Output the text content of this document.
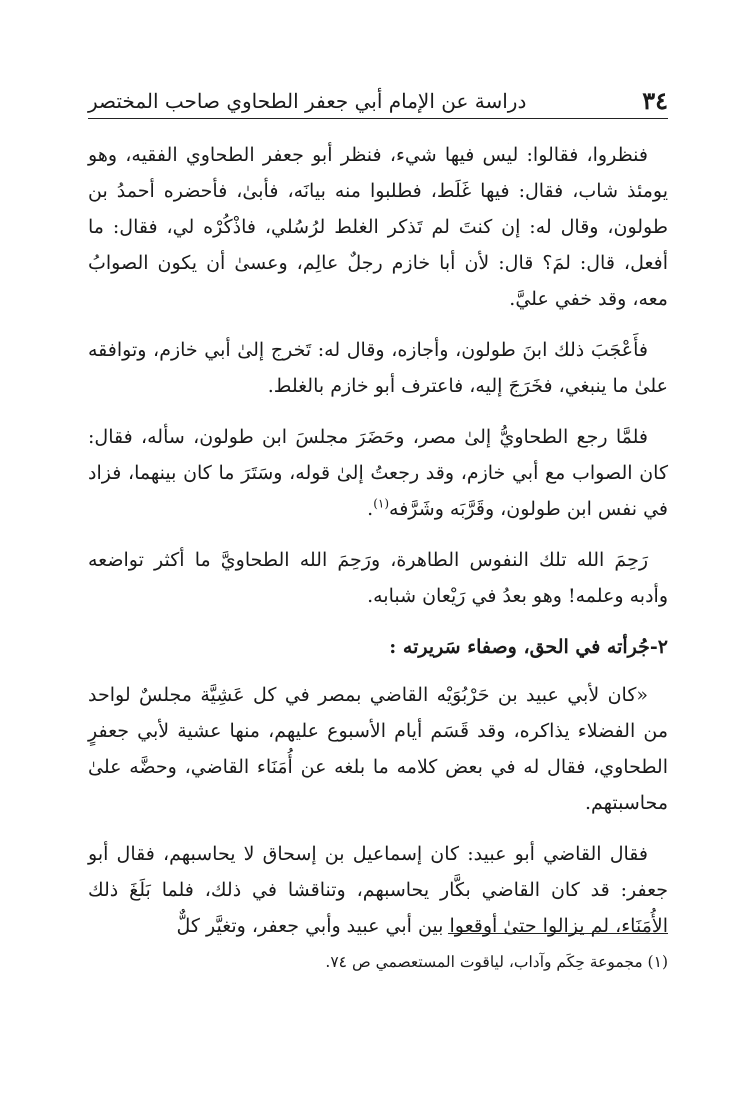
٣٤
دراسة عن الإمام أبي جعفر الطحاوي صاحب المختصر

فنظروا، فقالوا: ليس فيها شيء، فنظر أبو جعفر الطحاوي الفقيه، وهو يومئذ شاب، فقال: فيها غَلَط، فطلبوا منه بيانَه، فأبىٰ، فأحضره أحمدُ بن طولون، وقال له: إن كنتَ لم تَذكر الغلط لرُسُلي، فاذْكُرْه لي، فقال: ما أفعل، قال: لمَ؟ قال: لأن أبا خازم رجلٌ عالِم، وعسىٰ أن يكون الصوابُ معه، وقد خفي عليَّ.

فأَعْجَبَ ذلك ابنَ طولون، وأجازه، وقال له: تَخرج إلىٰ أبي خازم، وتوافقه علىٰ ما ينبغي، فخَرَجَ إليه، فاعترف أبو خازم بالغلط.

فلمَّا رجع الطحاويُّ إلىٰ مصر، وحَضَرَ مجلسَ ابن طولون، سأله، فقال: كان الصواب مع أبي خازم، وقد رجعتُ إلىٰ قوله، وسَتَرَ ما كان بينهما، فزاد في نفس ابن طولون، وقَرَّبَه وشَرَّفه$^{(١)}$.

رَحِمَ الله تلك النفوس الطاهرة، ورَحِمَ الله الطحاويَّ ما أكثر تواضعه وأدبه وعلمه! وهو بعدُ في رَيْعان شبابه.

٢-جُرأته في الحق، وصفاء سَريرته :

«كان لأبي عبيد بن حَرْبُوَيْه القاضي بمصر في كل عَشِيَّة مجلسٌ لواحد من الفضلاء يذاكره، وقد قَسَم أيام الأسبوع عليهم، منها عشية لأبي جعفرٍ الطحاوي، فقال له في بعض كلامه ما بلغه عن أُمَنَاء القاضي، وحضَّه علىٰ محاسبتهم.

فقال القاضي أبو عبيد: كان إسماعيل بن إسحاق لا يحاسبهم، فقال أبو جعفر: قد كان القاضي بكَّار يحاسبهم، وتناقشا في ذلك، فلما بَلَغَ ذلك الأُمَنَاء، لم يزالوا حتىٰ أوقعوا بين أبي عبيد وأبي جعفر، وتغيَّر كلٌّ

(١) مجموعة حِكَم وآداب، لياقوت المستعصمي ص ٧٤.
